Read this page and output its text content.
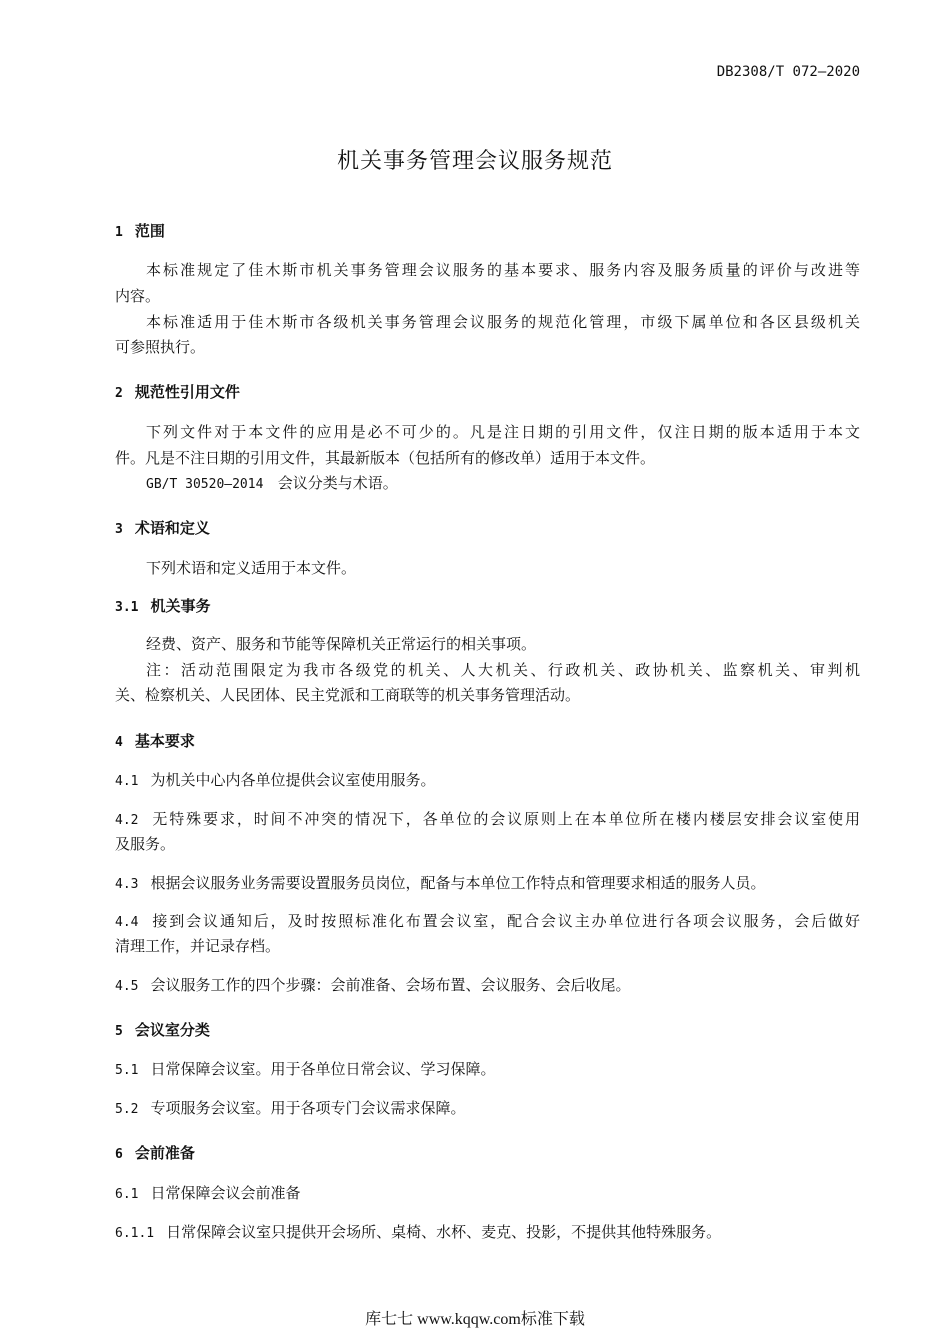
DB2308/T 072—2020
机关事务管理会议服务规范
1 范围
本标准规定了佳木斯市机关事务管理会议服务的基本要求、服务内容及服务质量的评价与改进等
内容。
本标准适用于佳木斯市各级机关事务管理会议服务的规范化管理，市级下属单位和各区县级机关
可参照执行。
2 规范性引用文件
下列文件对于本文件的应用是必不可少的。凡是注日期的引用文件，仅注日期的版本适用于本文
件。凡是不注日期的引用文件，其最新版本（包括所有的修改单）适用于本文件。
GB/T 30520—2014 会议分类与术语。
3 术语和定义
下列术语和定义适用于本文件。
3.1 机关事务
经费、资产、服务和节能等保障机关正常运行的相关事项。
注：活动范围限定为我市各级党的机关、人大机关、行政机关、政协机关、监察机关、审判机
关、检察机关、人民团体、民主党派和工商联等的机关事务管理活动。
4 基本要求
4.1 为机关中心内各单位提供会议室使用服务。
4.2 无特殊要求，时间不冲突的情况下，各单位的会议原则上在本单位所在楼内楼层安排会议室使用
及服务。
4.3 根据会议服务业务需要设置服务员岗位，配备与本单位工作特点和管理要求相适的服务人员。
4.4 接到会议通知后，及时按照标准化布置会议室，配合会议主办单位进行各项会议服务，会后做好
清理工作，并记录存档。
4.5 会议服务工作的四个步骤：会前准备、会场布置、会议服务、会后收尾。
5 会议室分类
5.1 日常保障会议室。用于各单位日常会议、学习保障。
5.2 专项服务会议室。用于各项专门会议需求保障。
6 会前准备
6.1 日常保障会议会前准备
6.1.1 日常保障会议室只提供开会场所、桌椅、水杯、麦克、投影，不提供其他特殊服务。
库七七 www.kqqw.com标准下载
